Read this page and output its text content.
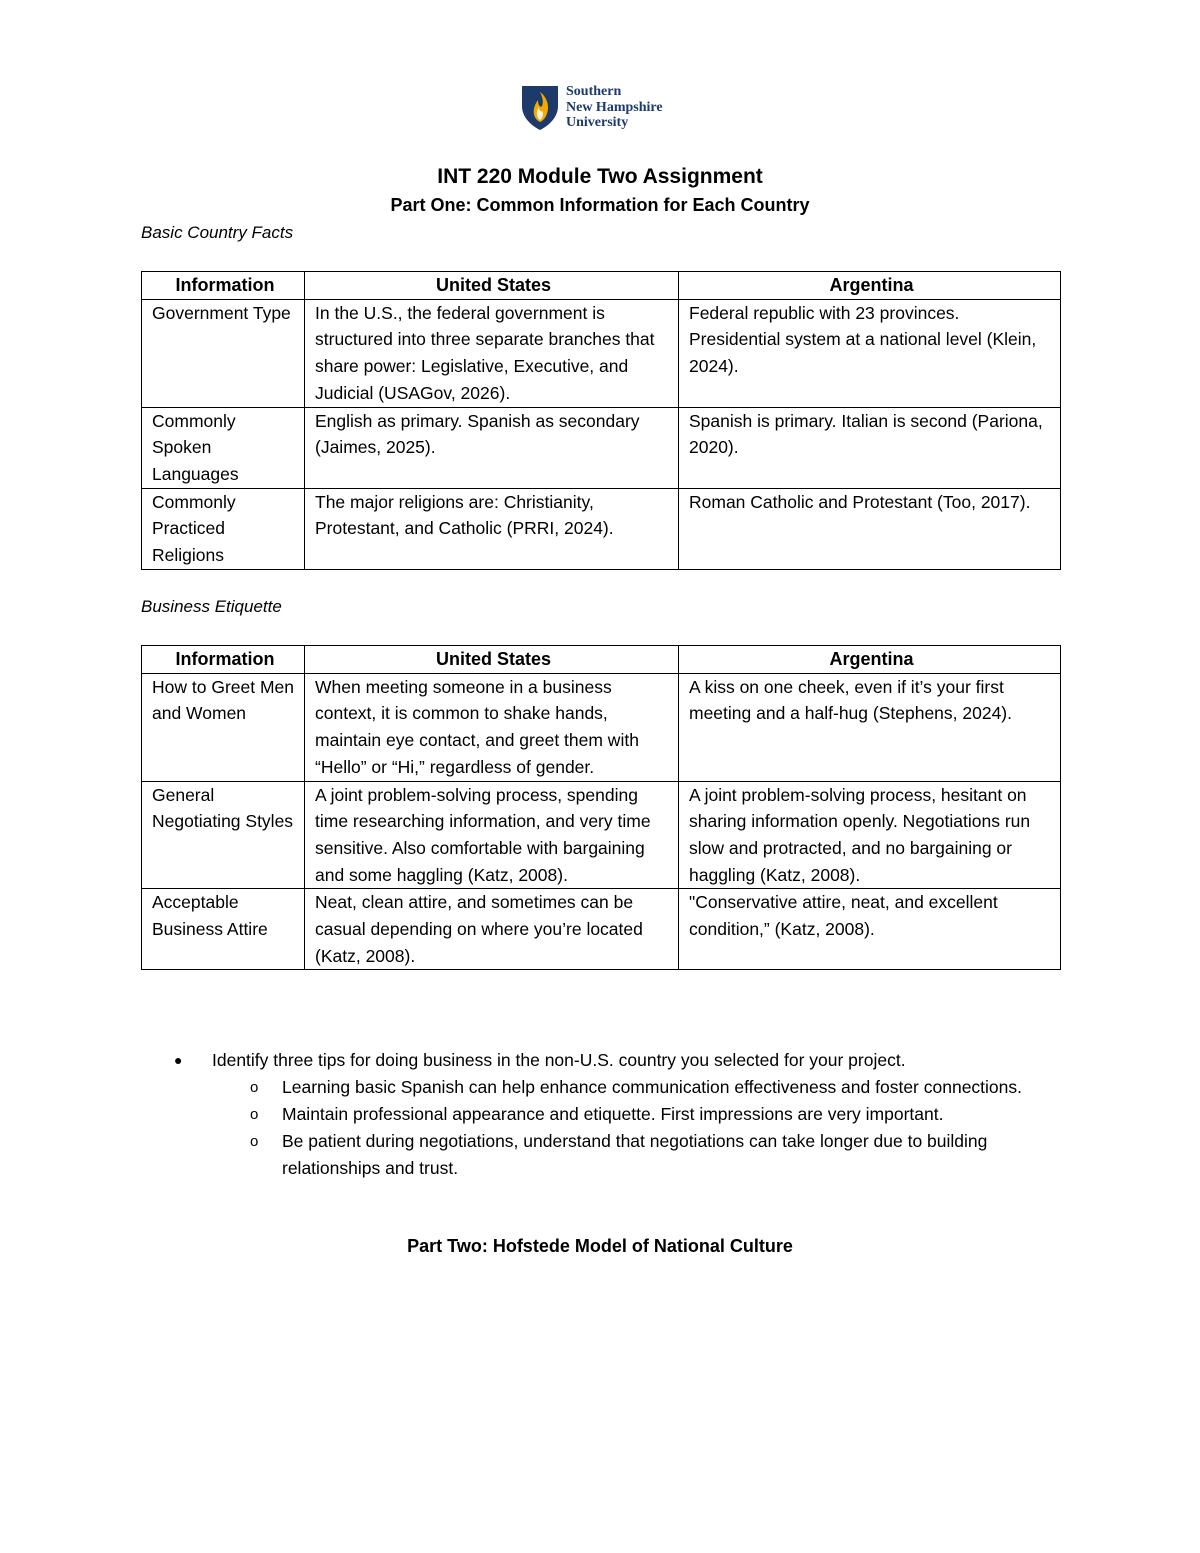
Southern
New Hampshire
University
INT 220 Module Two Assignment
Part One: Common Information for Each Country

Basic Country Facts

Information	United States	Argentina
Government Type	In the U.S., the federal government is structured into three separate branches that share power: Legislative, Executive, and Judicial (USAGov, 2026).	Federal republic with 23 provinces. Presidential system at a national level (Klein, 2024).
Commonly Spoken Languages	English as primary. Spanish as secondary (Jaimes, 2025).	Spanish is primary. Italian is second (Pariona, 2020).
Commonly Practiced Religions	The major religions are: Christianity, Protestant, and Catholic (PRRI, 2024).	Roman Catholic and Protestant (Too, 2017).

Business Etiquette

Information	United States	Argentina
How to Greet Men and Women	When meeting someone in a business context, it is common to shake hands, maintain eye contact, and greet them with “Hello” or “Hi,” regardless of gender.	A kiss on one cheek, even if it’s your first meeting and a half-hug (Stephens, 2024).
General Negotiating Styles	A joint problem-solving process, spending time researching information, and very time sensitive. Also comfortable with bargaining and some haggling (Katz, 2008).	A joint problem-solving process, hesitant on sharing information openly. Negotiations run slow and protracted, and no bargaining or haggling (Katz, 2008).
Acceptable Business Attire	Neat, clean attire, and sometimes can be casual depending on where you’re located (Katz, 2008).	"Conservative attire, neat, and excellent condition,” (Katz, 2008).
● Identify three tips for doing business in the non-U.S. country you selected for your project.
o Learning basic Spanish can help enhance communication effectiveness and foster connections.
o Maintain professional appearance and etiquette. First impressions are very important.
o Be patient during negotiations, understand that negotiations can take longer due to building relationships and trust.
Part Two: Hofstede Model of National Culture
